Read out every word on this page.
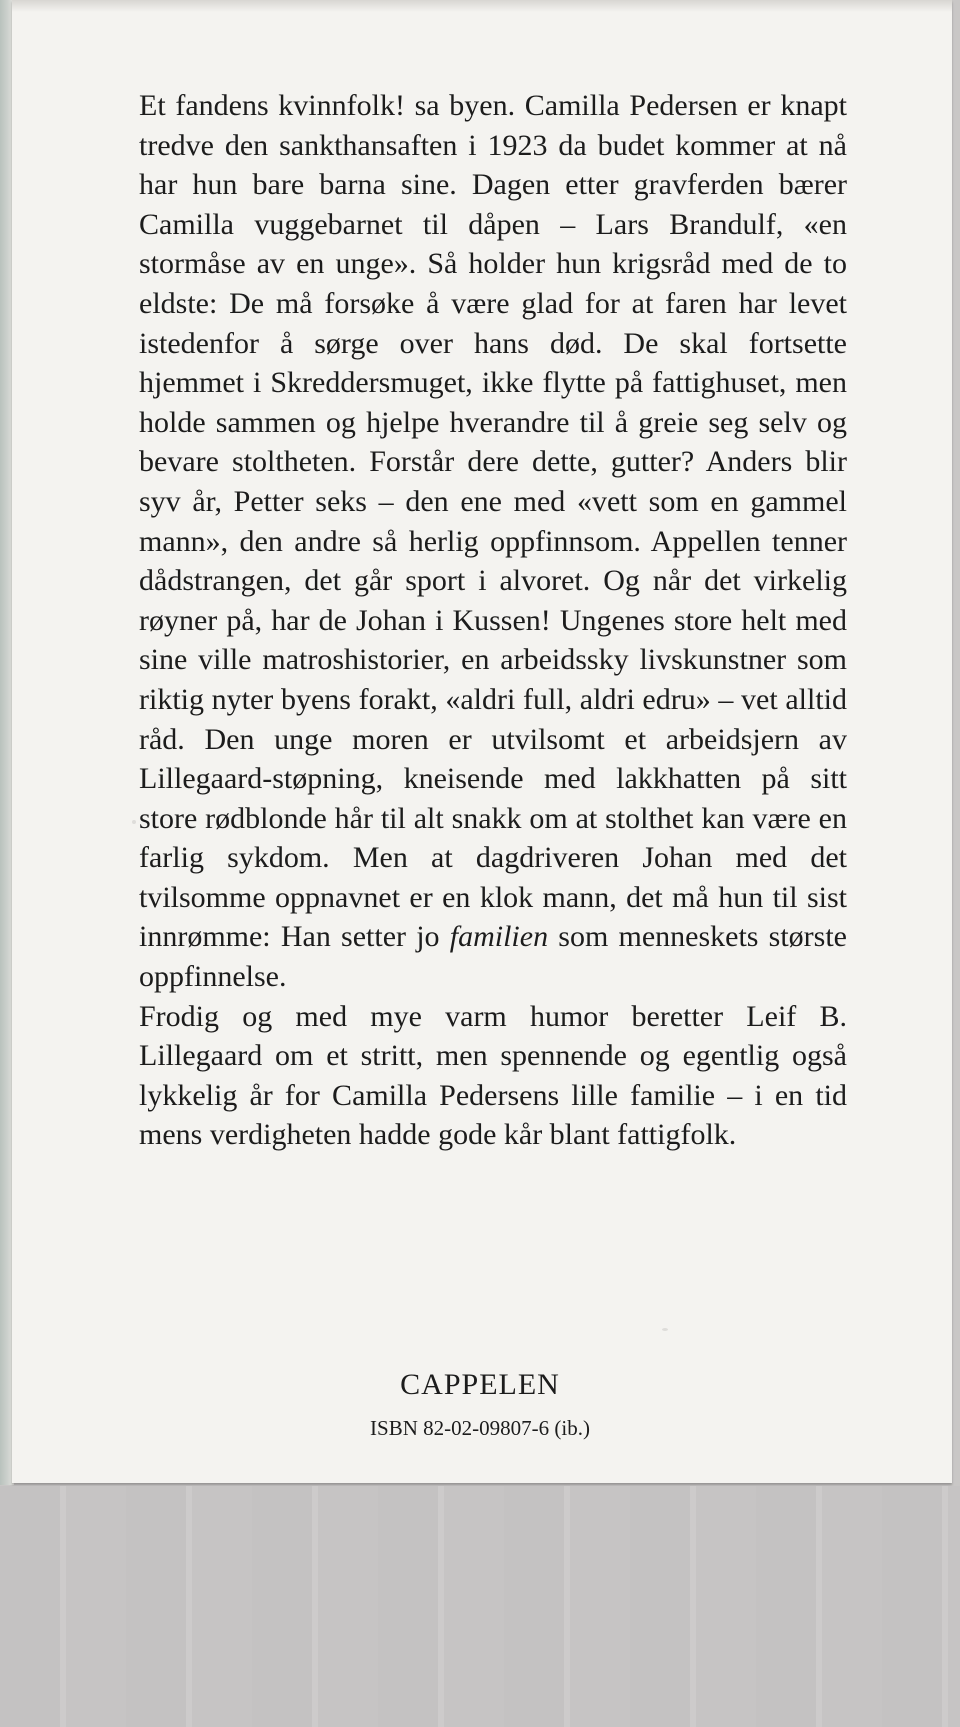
Et fandens kvinnfolk! sa byen. Camilla Pedersen er knapt tredve den sankthansaften i 1923 da budet kommer at nå har hun bare barna sine. Dagen etter gravferden bærer Camilla vuggebarnet til dåpen – Lars Brandulf, «en stormåse av en unge». Så holder hun krigsråd med de to eldste: De må forsøke å være glad for at faren har levet istedenfor å sørge over hans død. De skal fortsette hjemmet i Skreddersmuget, ikke flytte på fattighuset, men holde sammen og hjelpe hverandre til å greie seg selv og bevare stoltheten. Forstår dere dette, gutter? Anders blir syv år, Petter seks – den ene med «vett som en gammel mann», den andre så herlig oppfinnsom. Appellen tenner dådstrangen, det går sport i alvoret. Og når det virkelig røyner på, har de Johan i Kussen! Ungenes store helt med sine ville matroshistorier, en arbeidssky livskunstner som riktig nyter byens forakt, «aldri full, aldri edru» – vet alltid råd. Den unge moren er utvilsomt et arbeidsjern av Lillegaard-støpning, kneisende med lakkhatten på sitt store rødblonde hår til alt snakk om at stolthet kan være en farlig sykdom. Men at dagdriveren Johan med det tvilsomme oppnavnet er en klok mann, det må hun til sist innrømme: Han setter jo familien som menneskets største oppfinnelse.

Frodig og med mye varm humor beretter Leif B. Lillegaard om et stritt, men spennende og egentlig også lykkelig år for Camilla Pedersens lille familie – i en tid mens verdigheten hadde gode kår blant fattigfolk.

CAPPELEN
ISBN 82-02-09807-6 (ib.)
